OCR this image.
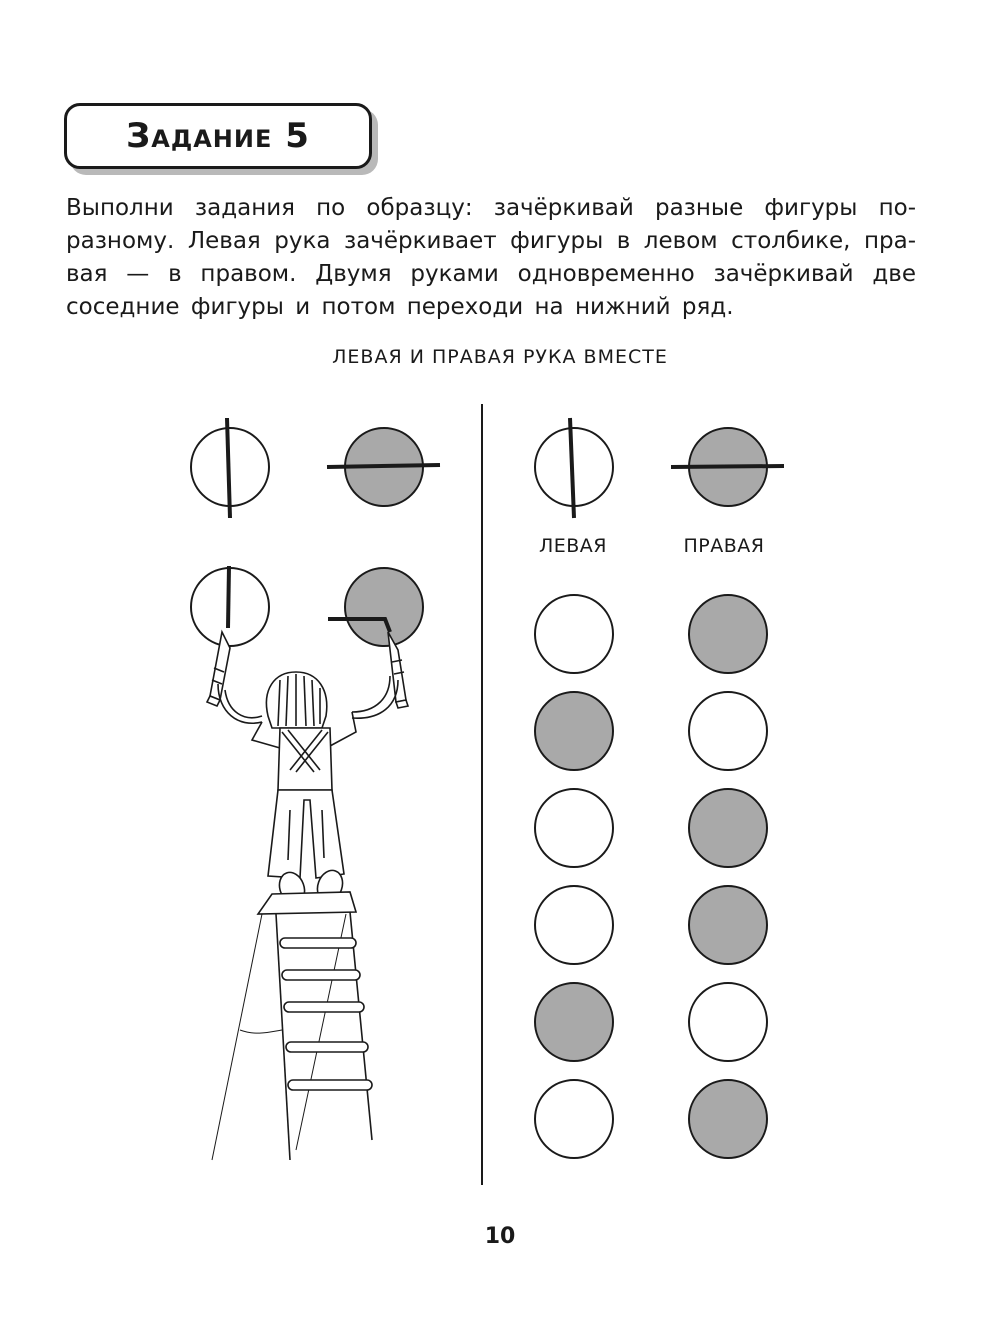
Задание 5
Выполни задания по образцу: зачёркивай разные фигуры поразному. Левая рука зачёркивает фигуры в левом столбике, правая — в правом. Двумя руками одновременно зачёркивай две соседние фигуры и потом переходи на нижний ряд.
ЛЕВАЯ И ПРАВАЯ РУКА ВМЕСТЕ
ЛЕВАЯ	ПРАВАЯ
10
